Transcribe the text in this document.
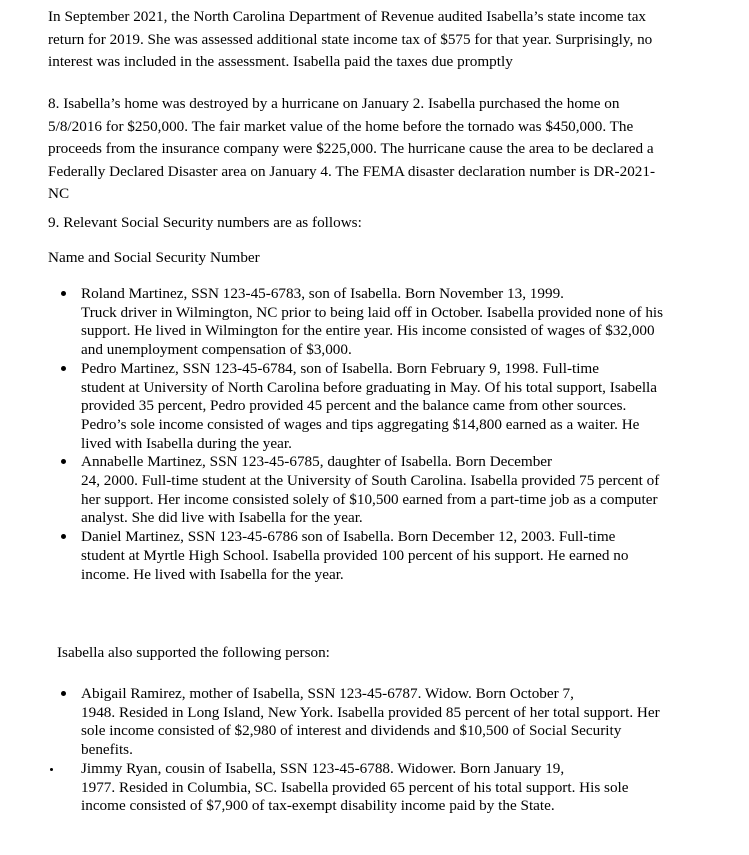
In September 2021, the North Carolina Department of Revenue audited Isabella’s state income tax return for 2019. She was assessed additional state income tax of $575 for that year. Surprisingly, no interest was included in the assessment. Isabella paid the taxes due promptly

8. Isabella’s home was destroyed by a hurricane on January 2. Isabella purchased the home on 5/8/2016 for $250,000. The fair market value of the home before the tornado was $450,000. The proceeds from the insurance company were $225,000. The hurricane cause the area to be declared a Federally Declared Disaster area on January 4. The FEMA disaster declaration number is DR-2021-NC

9. Relevant Social Security numbers are as follows:

Name and Social Security Number

Roland Martinez, SSN 123-45-6783, son of Isabella. Born November 13, 1999.
Truck driver in Wilmington, NC prior to being laid off in October. Isabella provided none of his support. He lived in Wilmington for the entire year. His income consisted of wages of $32,000 and unemployment compensation of $3,000.
Pedro Martinez, SSN 123-45-6784, son of Isabella. Born February 9, 1998. Full-time
student at University of North Carolina before graduating in May. Of his total support, Isabella provided 35 percent, Pedro provided 45 percent and the balance came from other sources. Pedro’s sole income consisted of wages and tips aggregating $14,800 earned as a waiter. He lived with Isabella during the year.
Annabelle Martinez, SSN 123-45-6785, daughter of Isabella. Born December
24, 2000. Full-time student at the University of South Carolina. Isabella provided 75 percent of her support. Her income consisted solely of $10,500 earned from a part-time job as a computer analyst. She did live with Isabella for the year.
Daniel Martinez, SSN 123-45-6786 son of Isabella. Born December 12, 2003. Full-time
student at Myrtle High School. Isabella provided 100 percent of his support. He earned no income. He lived with Isabella for the year.

Isabella also supported the following person:

Abigail Ramirez, mother of Isabella, SSN 123-45-6787. Widow. Born October 7,
1948. Resided in Long Island, New York. Isabella provided 85 percent of her total support. Her sole income consisted of $2,980 of interest and dividends and $10,500 of Social Security benefits.
Jimmy Ryan, cousin of Isabella, SSN 123-45-6788. Widower. Born January 19,
1977. Resided in Columbia, SC. Isabella provided 65 percent of his total support. His sole income consisted of $7,900 of tax-exempt disability income paid by the State.
